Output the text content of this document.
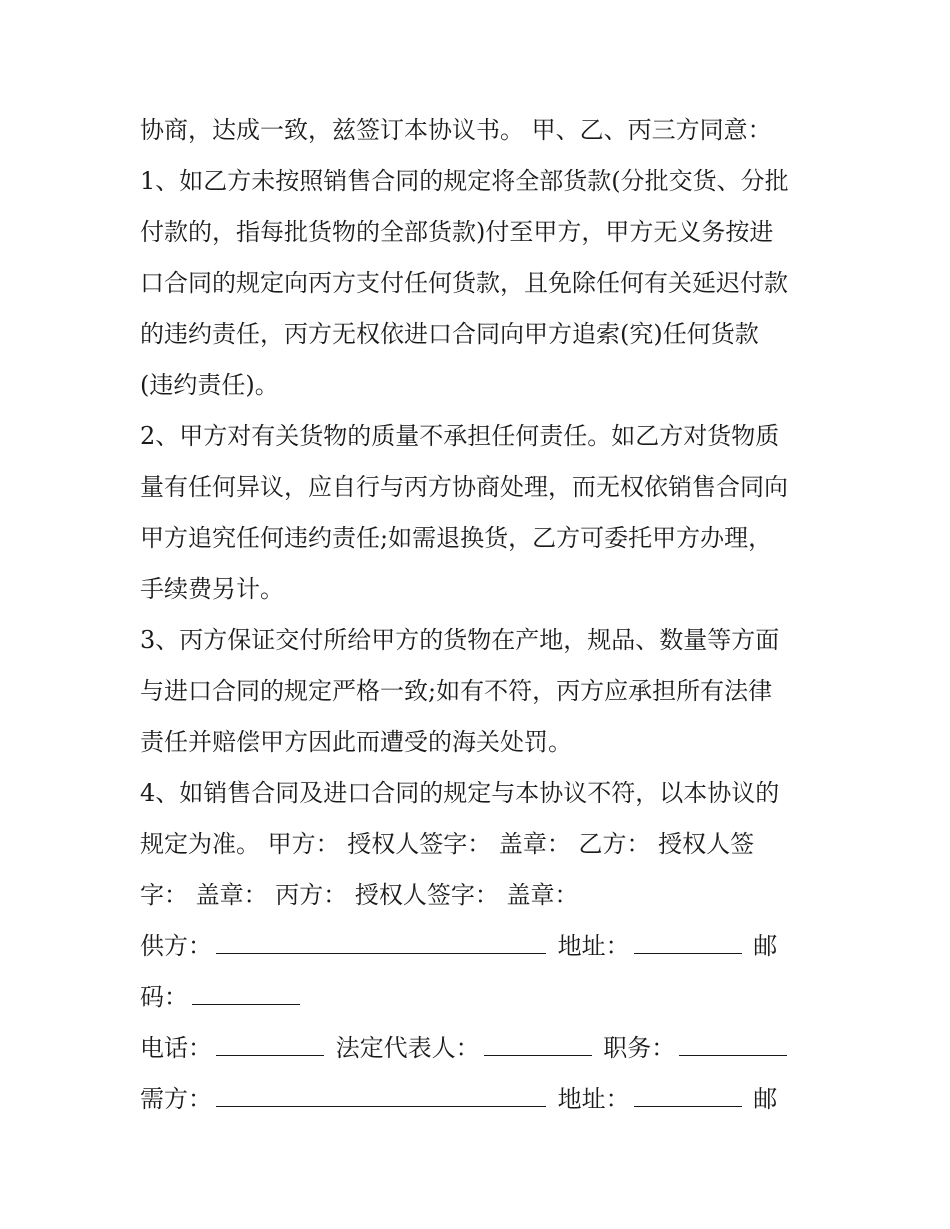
协商，达成一致，兹签订本协议书。 甲、乙、丙三方同意：
1、如乙方未按照销售合同的规定将全部货款(分批交货、分批
付款的，指每批货物的全部货款)付至甲方，甲方无义务按进
口合同的规定向丙方支付任何货款，且免除任何有关延迟付款
的违约责任，丙方无权依进口合同向甲方追索(究)任何货款
(违约责任)。
2、甲方对有关货物的质量不承担任何责任。如乙方对货物质
量有任何异议，应自行与丙方协商处理，而无权依销售合同向
甲方追究任何违约责任;如需退换货，乙方可委托甲方办理，
手续费另计。
3、丙方保证交付所给甲方的货物在产地，规品、数量等方面
与进口合同的规定严格一致;如有不符，丙方应承担所有法律
责任并赔偿甲方因此而遭受的海关处罚。
4、如销售合同及进口合同的规定与本协议不符，以本协议的
规定为准。 甲方： 授权人签字： 盖章： 乙方： 授权人签
字： 盖章： 丙方： 授权人签字： 盖章：
供方：	地址：	邮
码：
电话：	法定代表人：	职务：
需方：	地址：	邮
